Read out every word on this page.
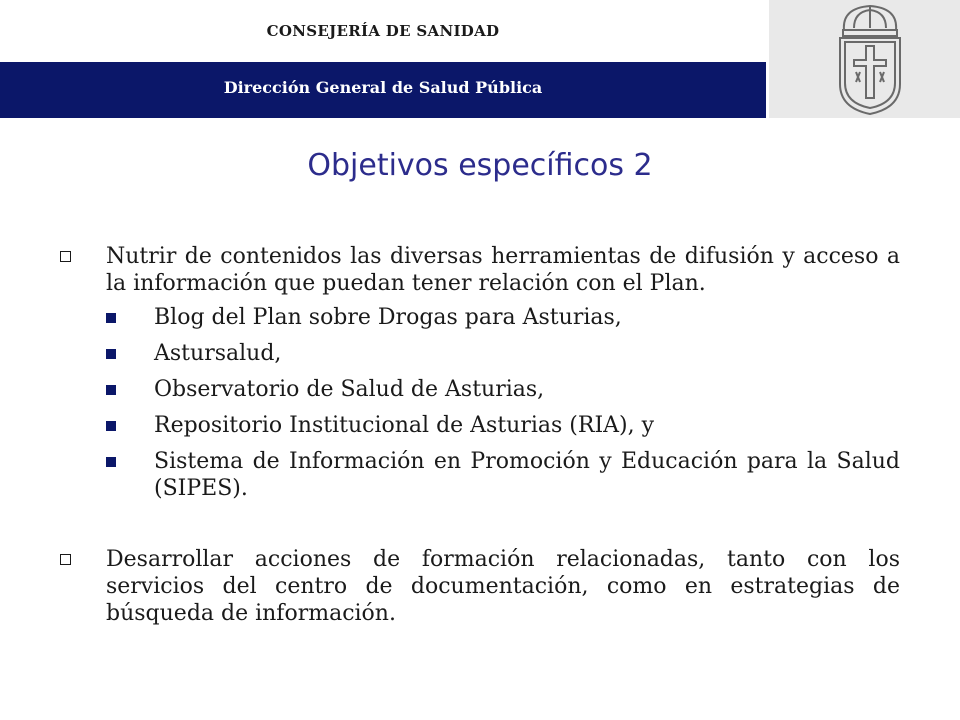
CONSEJERÍA DE SANIDAD
Dirección General de Salud Pública
Objetivos específicos 2
Nutrir de contenidos las diversas herramientas de difusión y acceso a la información que puedan tener relación con el Plan.
Blog del Plan sobre Drogas para Asturias,
Astursalud,
Observatorio de Salud de Asturias,
Repositorio Institucional de Asturias (RIA), y
Sistema de Información en Promoción y Educación para la Salud (SIPES).
Desarrollar acciones de formación relacionadas, tanto con los servicios del centro de documentación, como en estrategias de búsqueda de información.
